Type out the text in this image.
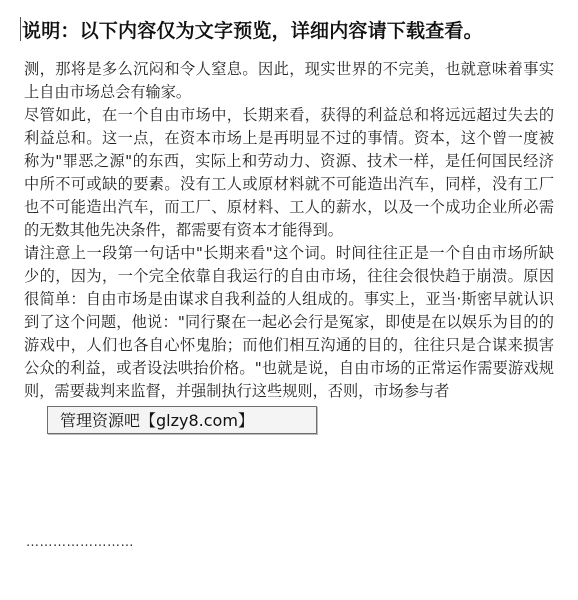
说明：以下内容仅为文字预览，详细内容请下载查看。

测，那将是多么沉闷和令人窒息。因此，现实世界的不完美，也就意味着事实上自由市场总会有输家。

尽管如此，在一个自由市场中，长期来看，获得的利益总和将远远超过失去的利益总和。这一点，在资本市场上是再明显不过的事情。资本，这个曾一度被称为"罪恶之源"的东西，实际上和劳动力、资源、技术一样，是任何国民经济中所不可或缺的要素。没有工人或原材料就不可能造出汽车，同样，没有工厂也不可能造出汽车，而工厂、原材料、工人的薪水，以及一个成功企业所必需的无数其他先决条件，都需要有资本才能得到。

请注意上一段第一句话中"长期来看"这个词。时间往往正是一个自由市场所缺少的，因为，一个完全依靠自我运行的自由市场，往往会很快趋于崩溃。原因很简单：自由市场是由谋求自我利益的人组成的。事实上，亚当·斯密早就认识到了这个问题，他说："同行聚在一起必会行是冤家，即使是在以娱乐为目的的游戏中，人们也各自心怀鬼胎；而他们相互沟通的目的，往往只是合谋来损害公众的利益，或者设法哄抬价格。"也就是说，自由市场的正常运作需要游戏规则，需要裁判来监督，并强制执行这些规则，否则，市场参与者

……………………
管理资源吧【glzy8.com】
